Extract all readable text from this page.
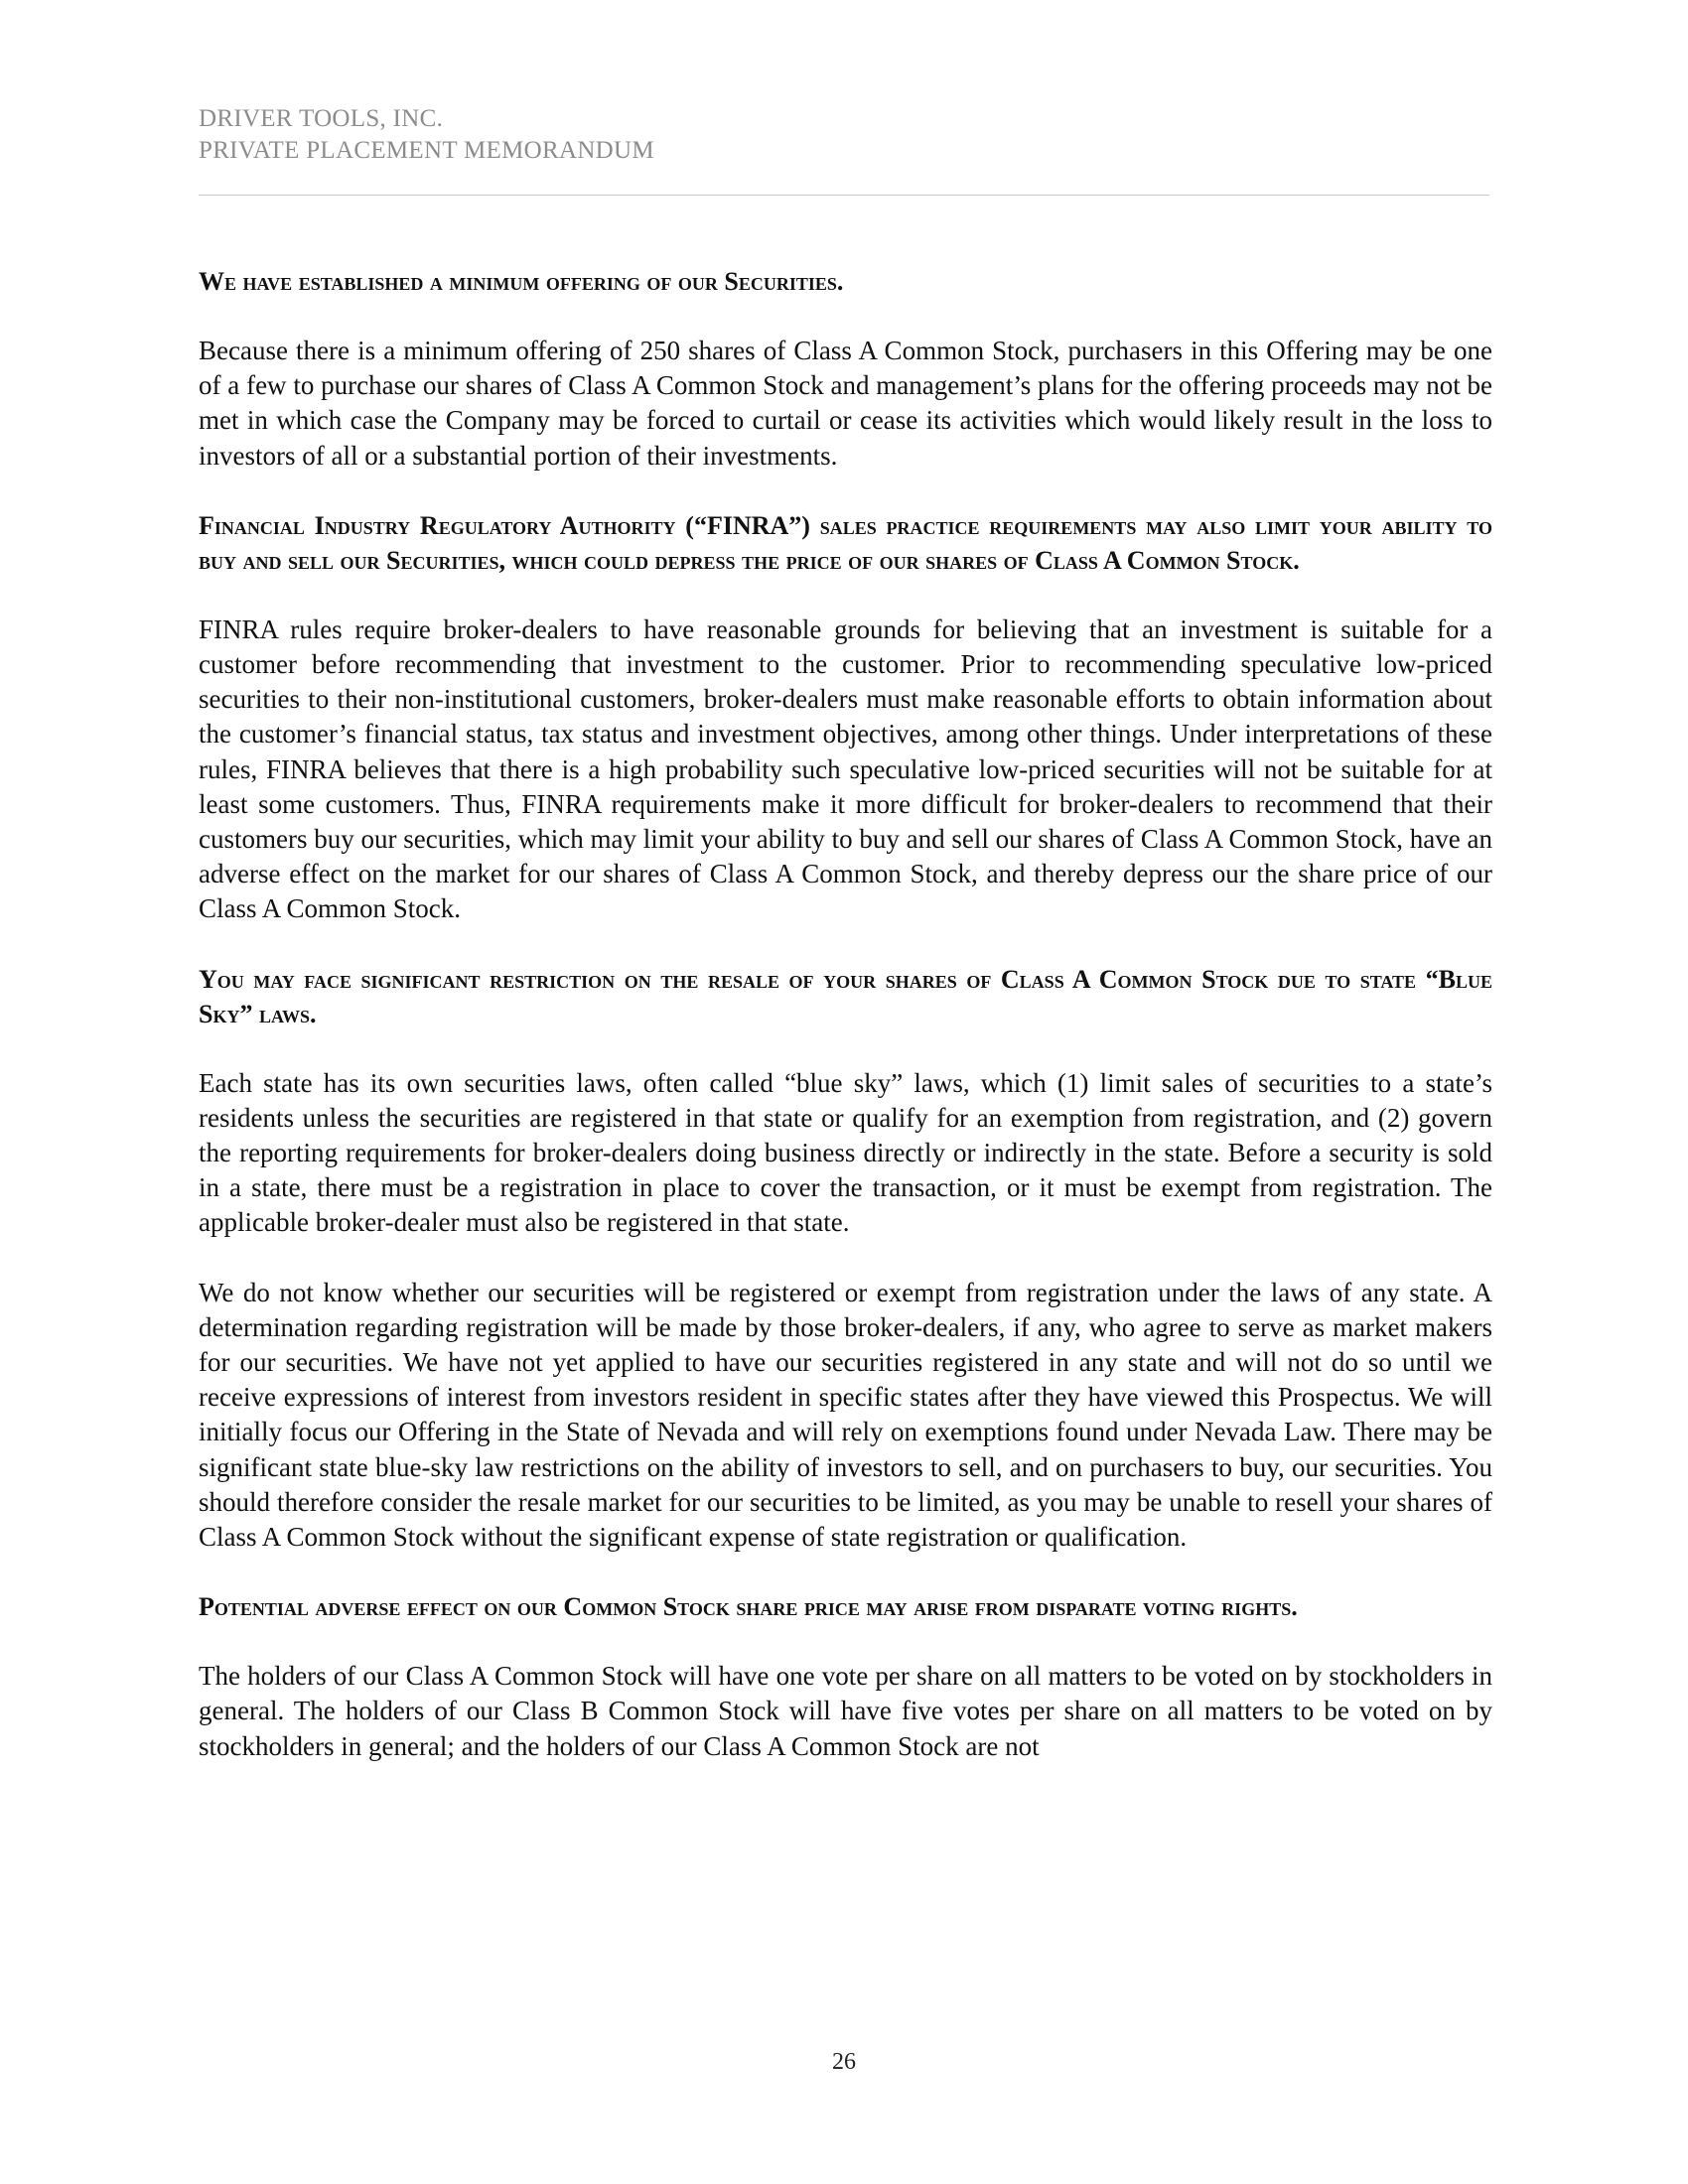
DRIVER TOOLS, INC.
PRIVATE PLACEMENT MEMORANDUM
We have established a minimum offering of our Securities.

Because there is a minimum offering of 250 shares of Class A Common Stock, purchasers in this Offering may be one of a few to purchase our shares of Class A Common Stock and management’s plans for the offering proceeds may not be met in which case the Company may be forced to curtail or cease its activities which would likely result in the loss to investors of all or a substantial portion of their investments.

Financial Industry Regulatory Authority (“FINRA”) sales practice requirements may also limit your ability to buy and sell our Securities, which could depress the price of our shares of Class A Common Stock.

FINRA rules require broker-dealers to have reasonable grounds for believing that an investment is suitable for a customer before recommending that investment to the customer. Prior to recommending speculative low-priced securities to their non-institutional customers, broker-dealers must make reasonable efforts to obtain information about the customer’s financial status, tax status and investment objectives, among other things. Under interpretations of these rules, FINRA believes that there is a high probability such speculative low-priced securities will not be suitable for at least some customers. Thus, FINRA requirements make it more difficult for broker-dealers to recommend that their customers buy our securities, which may limit your ability to buy and sell our shares of Class A Common Stock, have an adverse effect on the market for our shares of Class A Common Stock, and thereby depress our the share price of our Class A Common Stock.

You may face significant restriction on the resale of your shares of Class A Common Stock due to state “Blue Sky” laws.

Each state has its own securities laws, often called “blue sky” laws, which (1) limit sales of securities to a state’s residents unless the securities are registered in that state or qualify for an exemption from registration, and (2) govern the reporting requirements for broker-dealers doing business directly or indirectly in the state. Before a security is sold in a state, there must be a registration in place to cover the transaction, or it must be exempt from registration. The applicable broker-dealer must also be registered in that state.

We do not know whether our securities will be registered or exempt from registration under the laws of any state. A determination regarding registration will be made by those broker-dealers, if any, who agree to serve as market makers for our securities. We have not yet applied to have our securities registered in any state and will not do so until we receive expressions of interest from investors resident in specific states after they have viewed this Prospectus. We will initially focus our Offering in the State of Nevada and will rely on exemptions found under Nevada Law. There may be significant state blue-sky law restrictions on the ability of investors to sell, and on purchasers to buy, our securities. You should therefore consider the resale market for our securities to be limited, as you may be unable to resell your shares of Class A Common Stock without the significant expense of state registration or qualification.

Potential adverse effect on our Common Stock share price may arise from disparate voting rights.

The holders of our Class A Common Stock will have one vote per share on all matters to be voted on by stockholders in general. The holders of our Class B Common Stock will have five votes per share on all matters to be voted on by stockholders in general; and the holders of our Class A Common Stock are not

26
